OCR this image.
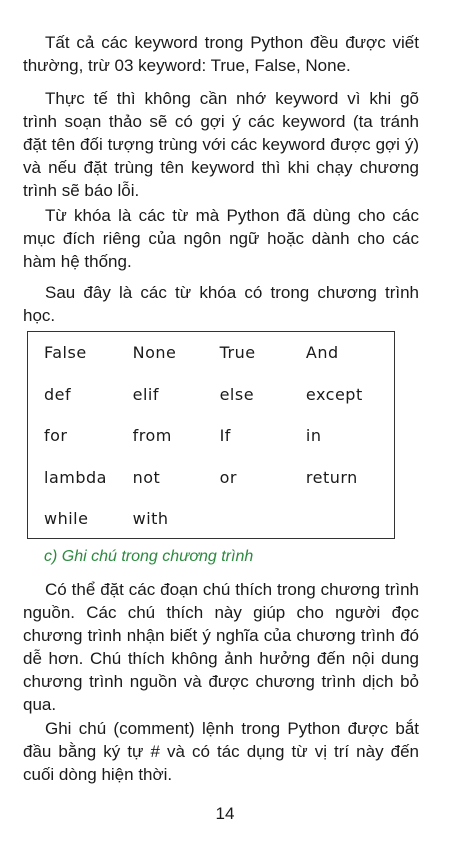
Tất cả các keyword trong Python đều được viết thường, trừ 03 keyword: True, False, None.

Thực tế thì không cần nhớ keyword vì khi gõ trình soạn thảo sẽ có gợi ý các keyword (ta tránh đặt tên đối tượng trùng với các keyword được gợi ý) và nếu đặt trùng tên keyword thì khi chạy chương trình sẽ báo lỗi.

Từ khóa là các từ mà Python đã dùng cho các mục đích riêng của ngôn ngữ hoặc dành cho các hàm hệ thống.

Sau đây là các từ khóa có trong chương trình học.

False	None	True	And
def	elif	else	except
for	from	If	in
lambda	not	or	return
while	with		
c) Ghi chú trong chương trình

Có thể đặt các đoạn chú thích trong chương trình nguồn. Các chú thích này giúp cho người đọc chương trình nhận biết ý nghĩa của chương trình đó dễ hơn. Chú thích không ảnh hưởng đến nội dung chương trình nguồn và được chương trình dịch bỏ qua.

Ghi chú (comment) lệnh trong Python được bắt đầu bằng ký tự # và có tác dụng từ vị trí này đến cuối dòng hiện thời.

14
